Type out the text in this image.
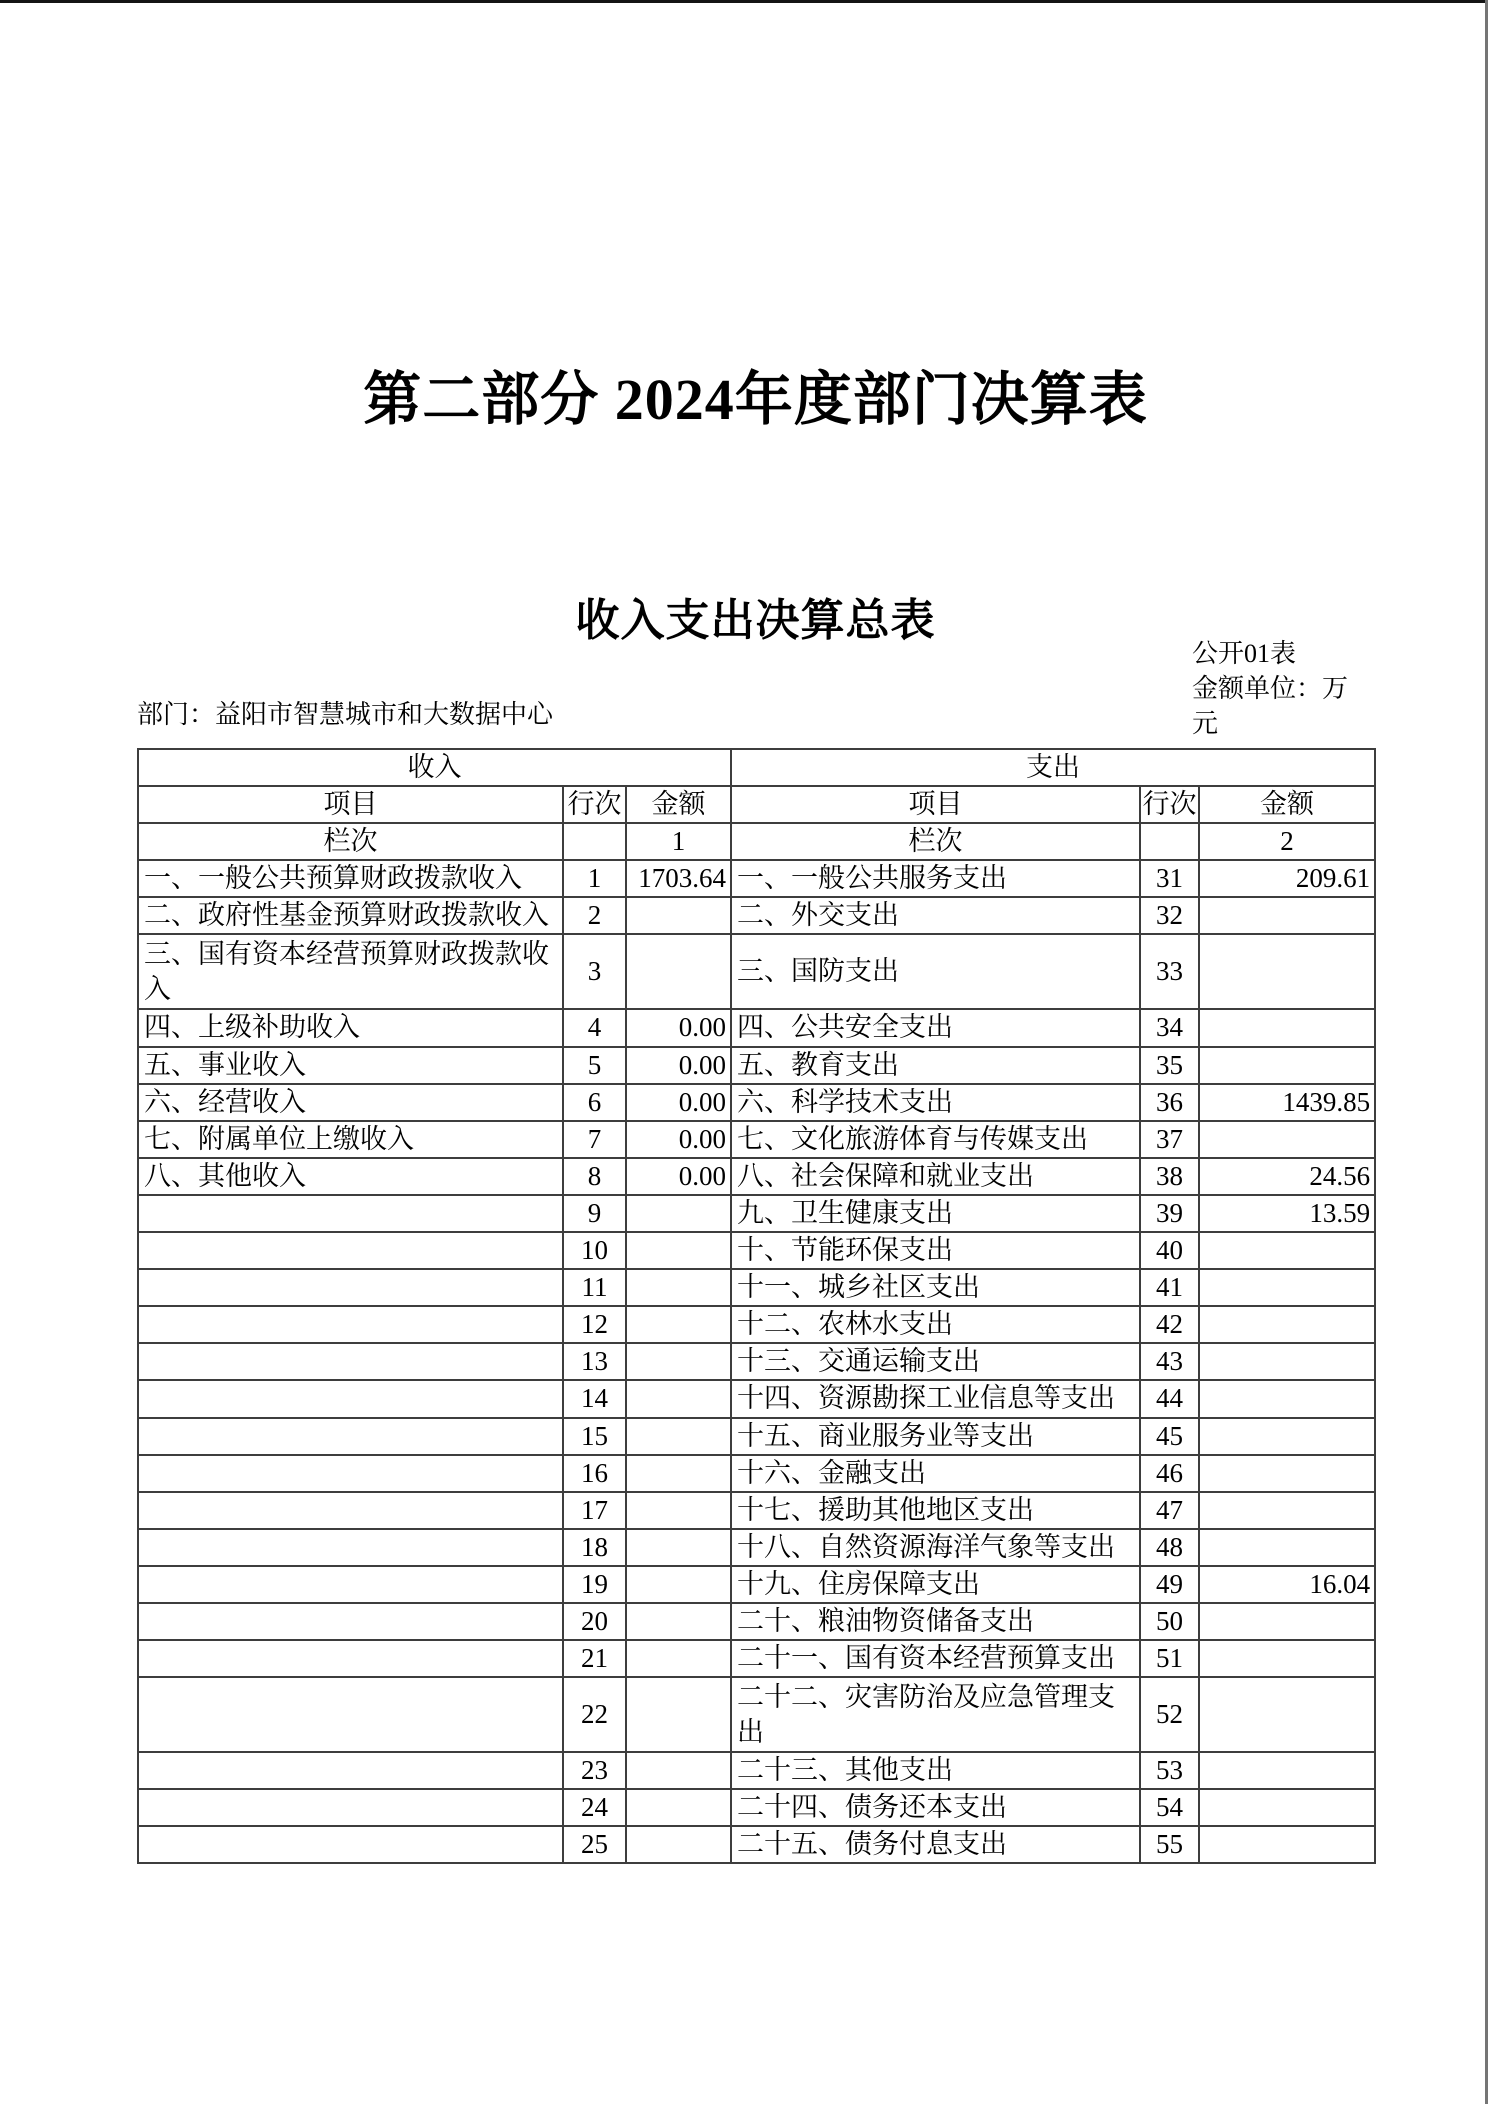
第二部分 2024年度部门决算表
收入支出决算总表
公开01表
金额单位：万元
部门：益阳市智慧城市和大数据中心
收入			支出		
项目	行次	金额	项目	行次	金额
栏次		1	栏次		2
一、一般公共预算财政拨款收入	1	1703.64	一、一般公共服务支出	31	209.61
二、政府性基金预算财政拨款收入	2		二、外交支出	32	
三、国有资本经营预算财政拨款收入	3		三、国防支出	33	
四、上级补助收入	4	0.00	四、公共安全支出	34	
五、事业收入	5	0.00	五、教育支出	35	
六、经营收入	6	0.00	六、科学技术支出	36	1439.85
七、附属单位上缴收入	7	0.00	七、文化旅游体育与传媒支出	37	
八、其他收入	8	0.00	八、社会保障和就业支出	38	24.56
	9		九、卫生健康支出	39	13.59
	10		十、节能环保支出	40	
	11		十一、城乡社区支出	41	
	12		十二、农林水支出	42	
	13		十三、交通运输支出	43	
	14		十四、资源勘探工业信息等支出	44	
	15		十五、商业服务业等支出	45	
	16		十六、金融支出	46	
	17		十七、援助其他地区支出	47	
	18		十八、自然资源海洋气象等支出	48	
	19		十九、住房保障支出	49	16.04
	20		二十、粮油物资储备支出	50	
	21		二十一、国有资本经营预算支出	51	
	22		二十二、灾害防治及应急管理支出	52	
	23		二十三、其他支出	53	
	24		二十四、债务还本支出	54	
	25		二十五、债务付息支出	55	
